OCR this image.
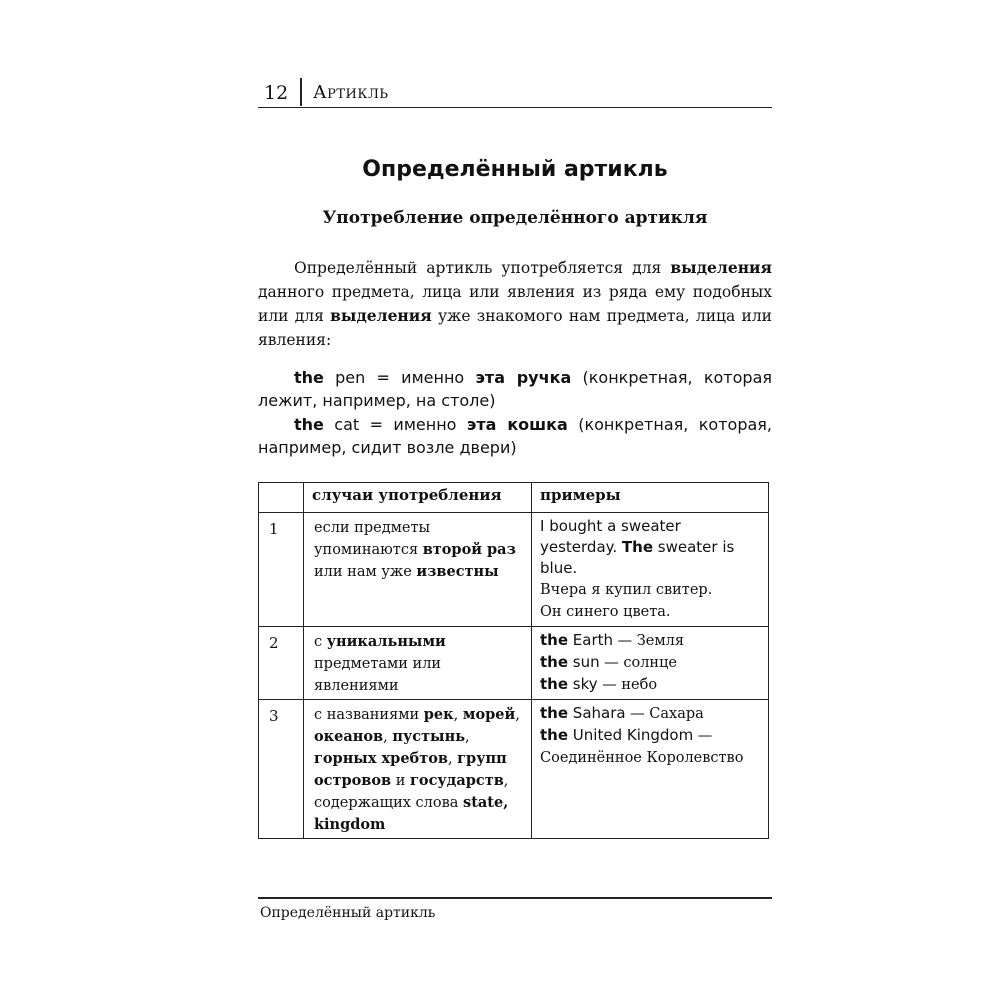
12 Артикль
Определённый артикль
Употребление определённого артикля

Определённый артикль употребляется для выделения данного предмета, лица или явления из ряда ему подобных или для выделения уже знакомого нам предмета, лица или явления:

the pen = именно эта ручка (конкретная, которая лежит, например, на столе)

the cat = именно эта кошка (конкретная, которая, например, сидит возле двери)

	случаи употребления	примеры
1	если предметы упоминаются второй раз или нам уже известны	I bought a sweater yesterday. The sweater is blue.
Вчера я купил свитер.
Он синего цвета.

2	с уникальными предметами или явлениями	the Earth — Земля
the sun — солнце
the sky — небо

3	с названиями рек, морей, океанов, пустынь, горных хребтов, групп островов и государств, содержащих слова state, kingdom	the Sahara — Сахара
the United Kingdom — Соединённое Королевство
Определённый артикль
